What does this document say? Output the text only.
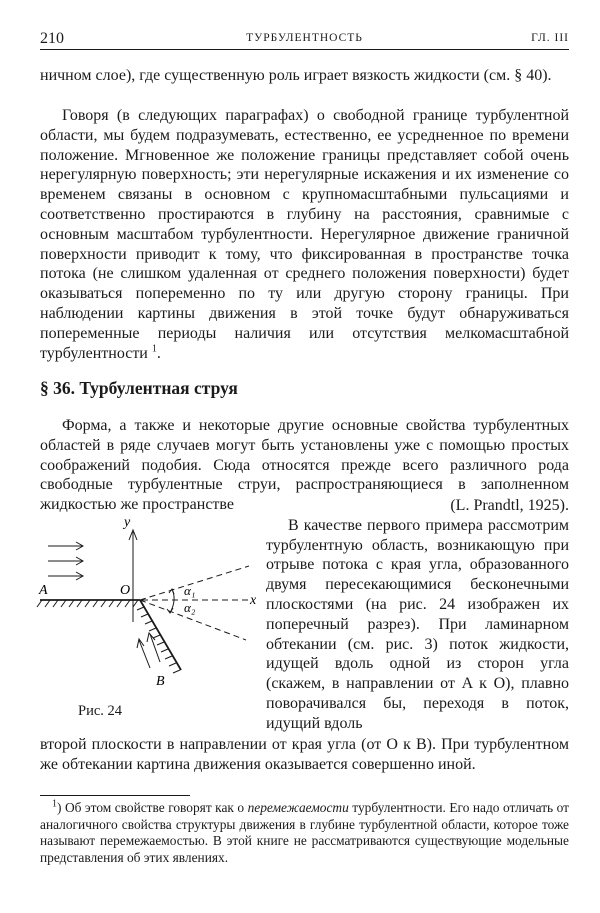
210	ТУРБУЛЕНТНОСТЬ	ГЛ. III

ничном слое), где существенную роль играет вязкость жидкости (см. § 40).

Говоря (в следующих параграфах) о свободной границе турбулентной области, мы будем подразумевать, естественно, ее усредненное по времени положение. Мгновенное же положение границы представляет собой очень нерегулярную поверхность; эти нерегулярные искажения и их изменение со временем связаны в основном с крупномасштабными пульсациями и соответственно простираются в глубину на расстояния, сравнимые с основным масштабом турбулентности. Нерегулярное движение граничной поверхности приводит к тому, что фиксированная в пространстве точка потока (не слишком удаленная от среднего положения поверхности) будет оказываться попеременно по ту или другую сторону границы. При наблюдении картины движения в этой точке будут обнаруживаться попеременные периоды наличия или отсутствия мелкомасштабной турбулентности $^1$.

§ 36. Турбулентная струя

Форма, а также и некоторые другие основные свойства турбулентных областей в ряде случаев могут быть установлены уже с помощью простых соображений подобия. Сюда относятся прежде всего различного рода свободные турбулентные струи, распространяющиеся в заполненном жидкостью же пространстве

y
x
α₁
α₂
A	O
B
Рис. 24

(L. Prandtl, 1925).
В качестве первого примера рассмотрим турбулентную область, возникающую при отрыве потока с края угла, образованного двумя пересекающимися бесконечными плоскостями (на рис. 24 изображен их поперечный разрез). При ламинарном обтекании (см. рис. 3) поток жидкости, идущей вдоль одной из сторон угла (скажем, в направлении от A к O), плавно поворачивался бы, переходя в поток, идущий вдоль

второй плоскости в направлении от края угла (от O к B). При турбулентном же обтекании картина движения оказывается совершенно иной.

$^1$) Об этом свойстве говорят как о перемежаемости турбулентности. Его надо отличать от аналогичного свойства структуры движения в глубине турбулентной области, которое тоже называют перемежаемостью. В этой книге не рассматриваются существующие модельные представления об этих явлениях.
